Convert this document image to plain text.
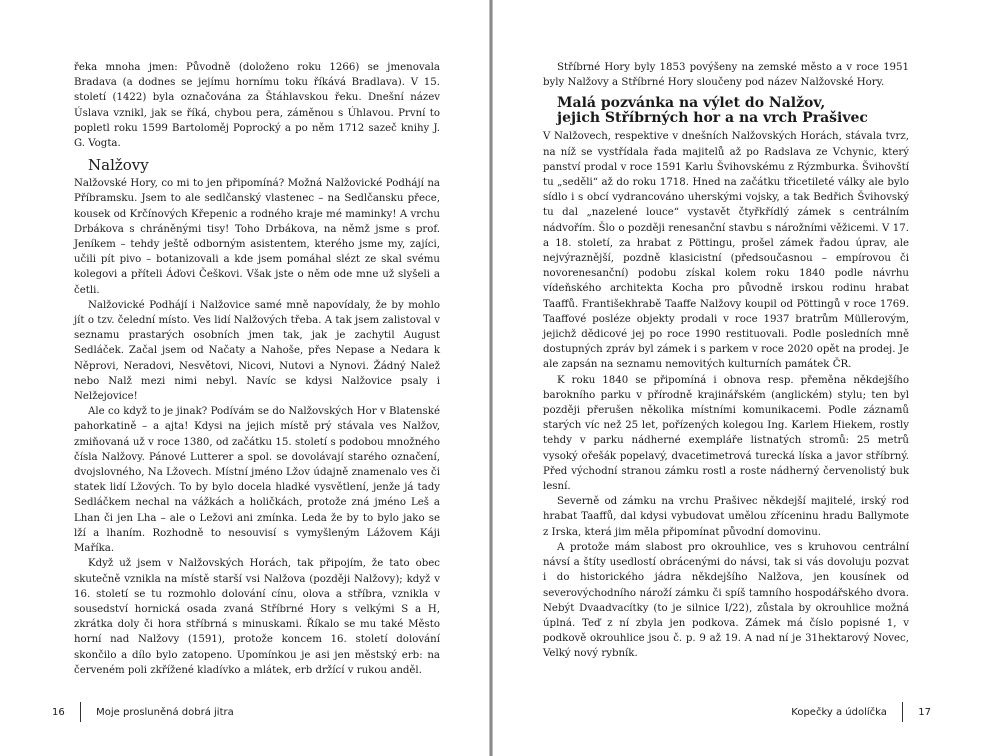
řeka mnoha jmen: Původně (doloženo roku 1266) se jmenovala Bradava (a dodnes se jejímu hornímu toku říkává Bradlava). V 15. století (1422) byla označována za Štáhlavskou řeku. Dnešní název Úslava vznikl, jak se říká, chybou pera, záměnou s Úhlavou. První to popletl roku 1599 Bartoloměj Poprocký a po něm 1712 sazeč knihy J. G. Vogta.

Nalžovy

Nalžovské Hory, co mi to jen připomíná? Možná Nalžovické Podhájí na Příbramsku. Jsem to ale sedlčanský vlastenec – na Sedlčansku přece, kousek od Krčínových Křepenic a rodného kraje mé maminky! A vrchu Drbákova s chráněnými tisy! Toho Drbákova, na němž jsme s prof. Jeníkem – tehdy ještě odborným asistentem, kterého jsme my, zajíci, učili pít pivo – botanizovali a kde jsem pomáhal slézt ze skal svému kolegovi a příteli Áďovi Češkovi. Však jste o něm ode mne už slyšeli a četli.

Nalžovické Podhájí i Nalžovice samé mně napovídaly, že by mohlo jít o tzv. čelední místo. Ves lidí Nalžových třeba. A tak jsem zalistoval v seznamu prastarých osobních jmen tak, jak je zachytil August Sedláček. Začal jsem od Načaty a Nahoše, přes Nepase a Nedara k Něprovi, Neradovi, Nesvětovi, Nicovi, Nutovi a Nynovi. Žádný Nalež nebo Nalž mezi nimi nebyl. Navíc se kdysi Nalžovice psaly i Nelžejovice!

Ale co když to je jinak? Podívám se do Nalžovských Hor v Blatenské pahorkatině – a ajta! Kdysi na jejich místě prý stávala ves Nalžov, zmiňovaná už v roce 1380, od začátku 15. století s podobou množného čísla Nalžovy. Pánové Lutterer a spol. se dovolávají starého označení, dvojslovného, Na Lžovech. Místní jméno Lžov údajně znamenalo ves či statek lidí Lžových. To by bylo docela hladké vysvětlení, jenže já tady Sedláčkem nechal na vážkách a holičkách, protože zná jméno Leš a Lhan či jen Lha – ale o Ležovi ani zmínka. Leda že by to bylo jako se lží a lhaním. Rozhodně to nesouvisí s vymyšleným Lážovem Káji Maříka.

Když už jsem v Nalžovských Horách, tak připojím, že tato obec skutečně vznikla na místě starší vsi Nalžova (později Nalžovy); když v 16. století se tu rozmohlo dolování cínu, olova a stříbra, vznikla v sousedství hornická osada zvaná Stříbrné Hory s velkými S a H, zkrátka doly či hora stříbrná s minuskami. Říkalo se mu také Město horní nad Nalžovy (1591), protože koncem 16. století dolování skončilo a dílo bylo zatopeno. Upomínkou je asi jen městský erb: na červeném poli zkřížené kladívko a mlátek, erb držící v rukou anděl.

Stříbrné Hory byly 1853 povýšeny na zemské město a v roce 1951 byly Nalžovy a Stříbrné Hory sloučeny pod název Nalžovské Hory.

Malá pozvánka na výlet do Nalžov,
jejich Stříbrných hor a na vrch Prašivec

V Nalžovech, respektive v dnešních Nalžovských Horách, stávala tvrz, na níž se vystřídala řada majitelů až po Radslava ze Vchynic, který panství prodal v roce 1591 Karlu Švihovskému z Rýzmburka. Švihovští tu „seděli“ až do roku 1718. Hned na začátku třicetileté války ale bylo sídlo i s obcí vydrancováno uherskými vojsky, a tak Bedřich Švihovský tu dal „nazelené louce“ vystavět čtyřkřídlý zámek s centrálním nádvořím. Šlo o později renesanční stavbu s nárožními věžicemi. V 17. a 18. století, za hrabat z Pöttingu, prošel zámek řadou úprav, ale nejvýraznější, pozdně klasicistní (předsoučasnou – empírovou či novorenesanční) podobu získal kolem roku 1840 podle návrhu vídeňského architekta Kocha pro původně irskou rodinu hrabat Taaffů. Františekhrabě Taaffe Nalžovy koupil od Pöttingů v roce 1769. Taaffové posléze objekty prodali v roce 1937 bratrům Müllerovým, jejichž dědicové jej po roce 1990 restituovali. Podle posledních mně dostupných zpráv byl zámek i s parkem v roce 2020 opět na prodej. Je ale zapsán na seznamu nemovitých kulturních památek ČR.

K roku 1840 se připomíná i obnova resp. přeměna někdejšího barokního parku v přírodně krajinářském (anglickém) stylu; ten byl později přerušen několika místními komunikacemi. Podle záznamů starých víc než 25 let, pořízených kolegou Ing. Karlem Hiekem, rostly tehdy v parku nádherné exempláře listnatých stromů: 25 metrů vysoký ořešák popelavý, dvacetimetrová turecká líska a javor stříbrný. Před východní stranou zámku rostl a roste nádherný červenolistý buk lesní.

Severně od zámku na vrchu Prašivec někdejší majitelé, irský rod hrabat Taaffů, dal kdysi vybudovat umělou zříceninu hradu Ballymote z Irska, která jim měla připomínat původní domovinu.

A protože mám slabost pro okrouhlice, ves s kruhovou centrální návsí a štíty usedlostí obrácenými do návsi, tak si vás dovoluju pozvat i do historického jádra někdejšího Nalžova, jen kousínek od severovýchodního nároží zámku či spíš tamního hospodářského dvora. Nebýt Dvaadvacítky (to je silnice I/22), zůstala by okrouhlice možná úplná. Teď z ní zbyla jen podkova. Zámek má číslo popisné 1, v podkově okrouhlice jsou č. p. 9 až 19. A nad ní je 31hektarový Novec, Velký nový rybník.

16	Moje prosluněná dobrá jitra	Kopečky a údolíčka	17
